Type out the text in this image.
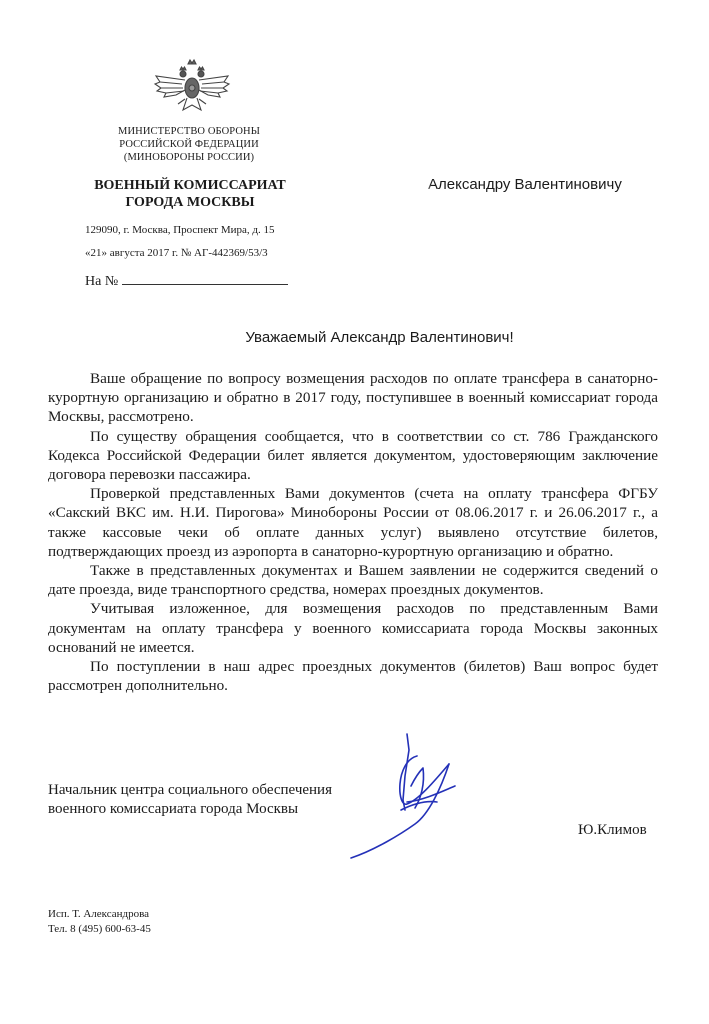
МИНИСТЕРСТВО ОБОРОНЫ
РОССИЙСКОЙ ФЕДЕРАЦИИ
(МИНОБОРОНЫ РОССИИ)
ВОЕННЫЙ КОМИССАРИАТ
ГОРОДА МОСКВЫ
129090, г. Москва, Проспект Мира, д. 15
«21» августа 2017 г. № АГ-442369/53/3
На №
Александру Валентиновичу
Уважаемый Александр Валентинович!

Ваше обращение по вопросу возмещения расходов по оплате трансфера в санаторно-курортную организацию и обратно в 2017 году, поступившее в военный комиссариат города Москвы, рассмотрено.

По существу обращения сообщается, что в соответствии со ст. 786 Гражданского Кодекса Российской Федерации билет является документом, удостоверяющим заключение договора перевозки пассажира.

Проверкой представленных Вами документов (счета на оплату трансфера ФГБУ «Сакский ВКС им. Н.И. Пирогова» Минобороны России от 08.06.2017 г. и 26.06.2017 г., а также кассовые чеки об оплате данных услуг) выявлено отсутствие билетов, подтверждающих проезд из аэропорта в санаторно-курортную организацию и обратно.

Также в представленных документах и Вашем заявлении не содержится сведений о дате проезда, виде транспортного средства, номерах проездных документов.

Учитывая изложенное, для возмещения расходов по представленным Вами документам на оплату трансфера у военного комиссариата города Москвы законных оснований не имеется.

По поступлении в наш адрес проездных документов (билетов) Ваш вопрос будет рассмотрен дополнительно.

Начальник центра социального обеспечения
военного комиссариата города Москвы
Ю.Климов
Исп. Т. Александрова
Тел. 8 (495) 600-63-45
